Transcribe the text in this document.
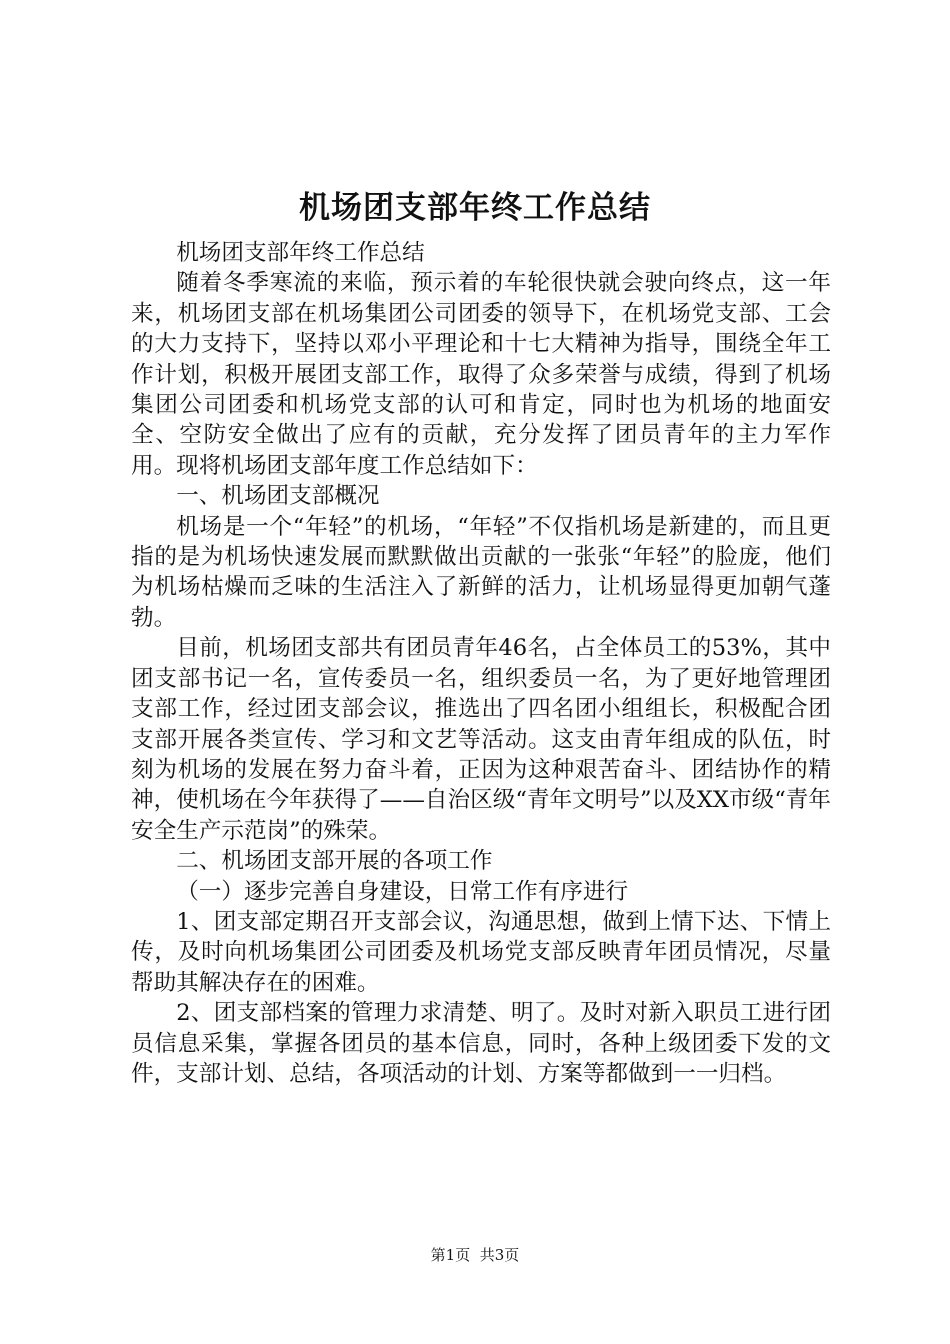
机场团支部年终工作总结

机场团支部年终工作总结

随着冬季寒流的来临，预示着的车轮很快就会驶向终点，这一年来，机场团支部在机场集团公司团委的领导下，在机场党支部、工会的大力支持下，坚持以邓小平理论和十七大精神为指导，围绕全年工作计划，积极开展团支部工作，取得了众多荣誉与成绩，得到了机场集团公司团委和机场党支部的认可和肯定，同时也为机场的地面安全、空防安全做出了应有的贡献，充分发挥了团员青年的主力军作用。现将机场团支部年度工作总结如下：

一、机场团支部概况

机场是一个“年轻”的机场，“年轻”不仅指机场是新建的，而且更指的是为机场快速发展而默默做出贡献的一张张“年轻”的脸庞，他们为机场枯燥而乏味的生活注入了新鲜的活力，让机场显得更加朝气蓬勃。

目前，机场团支部共有团员青年46名，占全体员工的53%，其中团支部书记一名，宣传委员一名，组织委员一名，为了更好地管理团支部工作，经过团支部会议，推选出了四名团小组组长，积极配合团支部开展各类宣传、学习和文艺等活动。这支由青年组成的队伍，时刻为机场的发展在努力奋斗着，正因为这种艰苦奋斗、团结协作的精神，使机场在今年获得了——自治区级“青年文明号”以及XX市级“青年安全生产示范岗”的殊荣。

二、机场团支部开展的各项工作

（一）逐步完善自身建设，日常工作有序进行

1、团支部定期召开支部会议，沟通思想，做到上情下达、下情上传，及时向机场集团公司团委及机场党支部反映青年团员情况，尽量帮助其解决存在的困难。

2、团支部档案的管理力求清楚、明了。及时对新入职员工进行团员信息采集，掌握各团员的基本信息，同时，各种上级团委下发的文件，支部计划、总结，各项活动的计划、方案等都做到一一归档。

第1页 共3页
